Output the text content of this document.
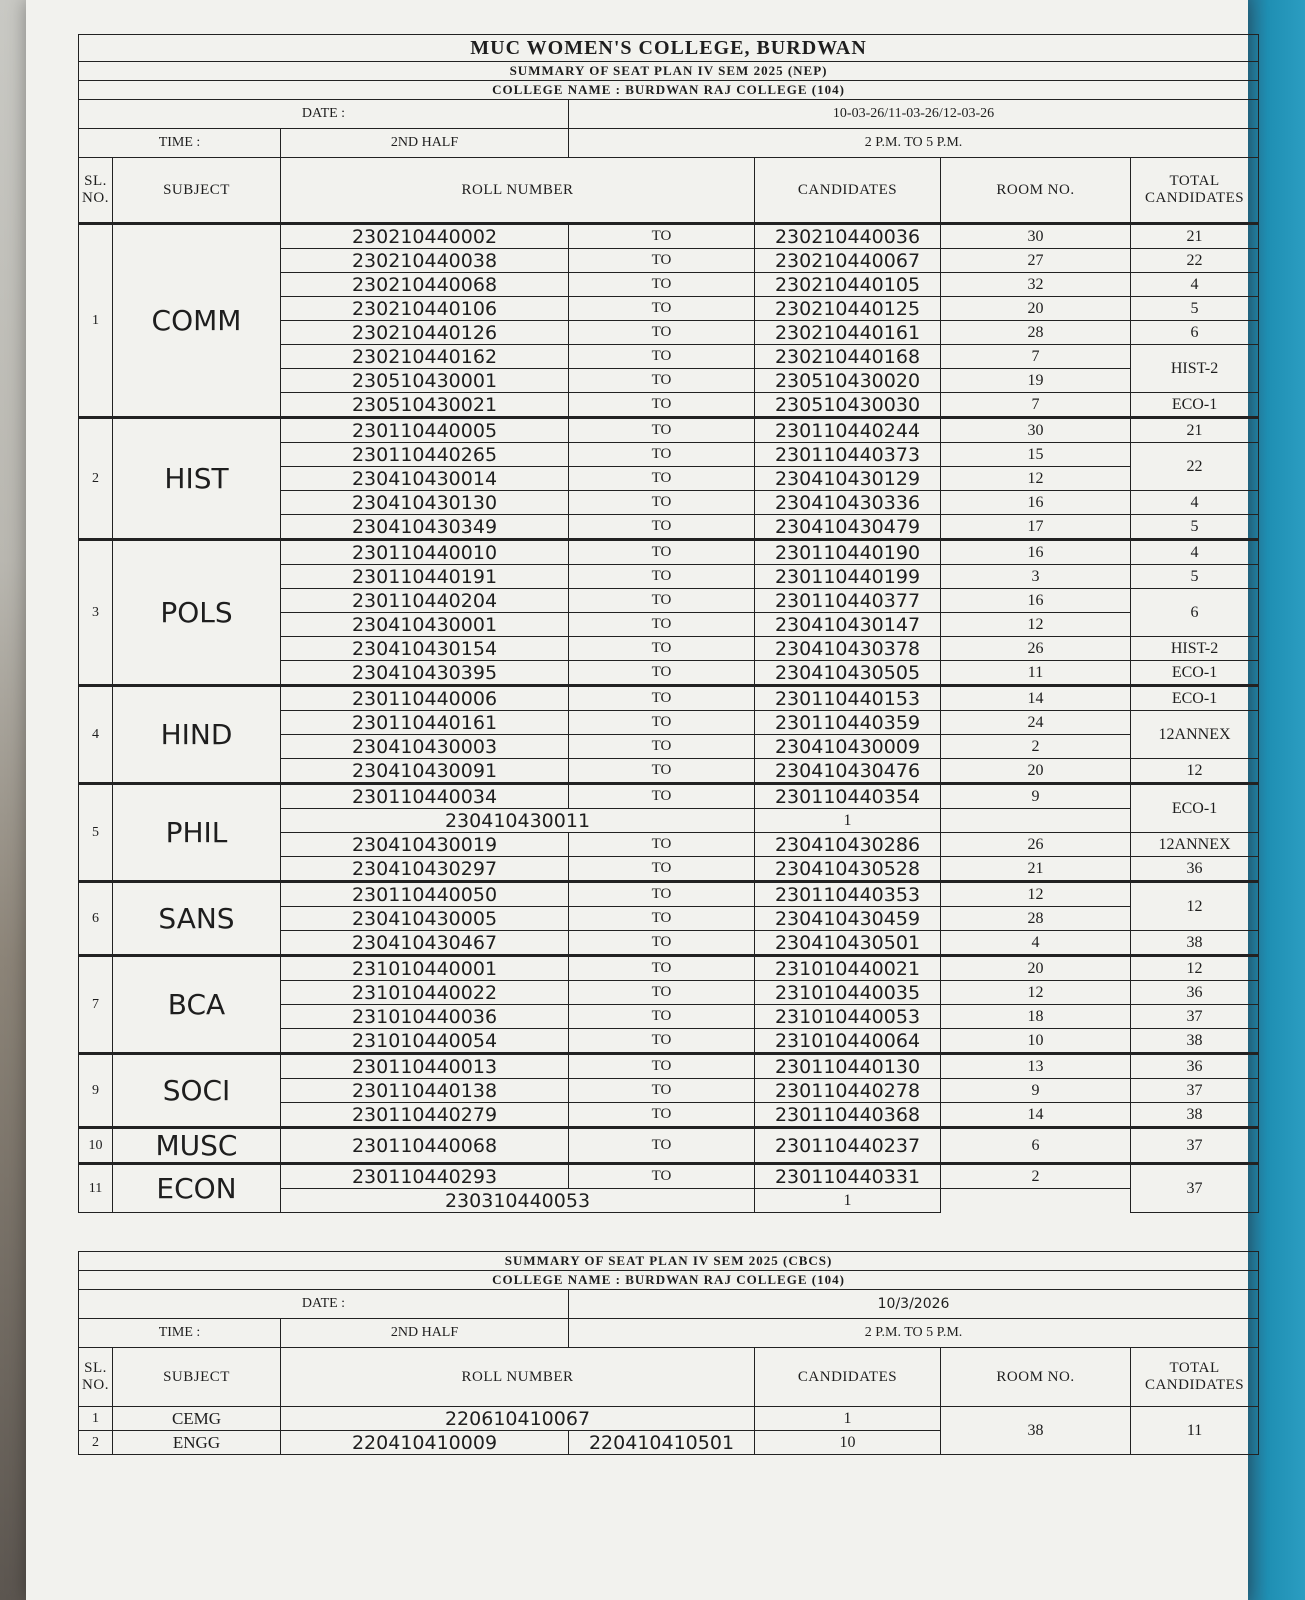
MUC WOMEN'S COLLEGE, BURDWAN							
SUMMARY OF SEAT PLAN IV SEM 2025 (NEP)							
COLLEGE NAME : BURDWAN RAJ COLLEGE (104)							
DATE :			10-03-26/11-03-26/12-03-26				
TIME :		2ND HALF	2 P.M. TO 5 P.M.				
SL. NO.	SUBJECT	ROLL NUMBER		CANDIDATES	ROOM NO.	TOTAL CANDIDATES	
1	COMM	230210440002	TO	230210440036	30	21	
		230210440038	TO	230210440067	27	22	
		230210440068	TO	230210440105	32	4	
		230210440106	TO	230210440125	20	5	
		230210440126	TO	230210440161	28	6	
		230210440162	TO	230210440168	7	HIST-2	
		230510430001	TO	230510430020	19		
		230510430021	TO	230510430030	7	ECO-1	
2	HIST	230110440005	TO	230110440244	30	21	
		230110440265	TO	230110440373	15	22	
		230410430014	TO	230410430129	12		
		230410430130	TO	230410430336	16	4	
		230410430349	TO	230410430479	17	5	
3	POLS	230110440010	TO	230110440190	16	4	
		230110440191	TO	230110440199	3	5	
		230110440204	TO	230110440377	16	6	
		230410430001	TO	230410430147	12		
		230410430154	TO	230410430378	26	HIST-2	
		230410430395	TO	230410430505	11	ECO-1	
4	HIND	230110440006	TO	230110440153	14	ECO-1	
		230110440161	TO	230110440359	24	12ANNEX	
		230410430003	TO	230410430009	2		
		230410430091	TO	230410430476	20	12	
5	PHIL	230110440034	TO	230110440354	9	ECO-1	
		230410430011		1			
		230410430019	TO	230410430286	26	12ANNEX	
		230410430297	TO	230410430528	21	36	
6	SANS	230110440050	TO	230110440353	12	12	
		230410430005	TO	230410430459	28		
		230410430467	TO	230410430501	4	38	
7	BCA	231010440001	TO	231010440021	20	12	
		231010440022	TO	231010440035	12	36	
		231010440036	TO	231010440053	18	37	
		231010440054	TO	231010440064	10	38	
9	SOCI	230110440013	TO	230110440130	13	36	
		230110440138	TO	230110440278	9	37	
		230110440279	TO	230110440368	14	38	
10	MUSC	230110440068	TO	230110440237	6	37	
11	ECON	230110440293	TO	230110440331	2	37	
		230310440053		1			
SUMMARY OF SEAT PLAN IV SEM 2025 (CBCS)						
COLLEGE NAME : BURDWAN RAJ COLLEGE (104)						
DATE :			10/3/2026			
TIME :		2ND HALF	2 P.M. TO 5 P.M.			
SL. NO.	SUBJECT	ROLL NUMBER		CANDIDATES	ROOM NO.	TOTAL CANDIDATES
1	CEMG	220610410067		1	38	11
2	ENGG	220410410009	220410410501	10		
